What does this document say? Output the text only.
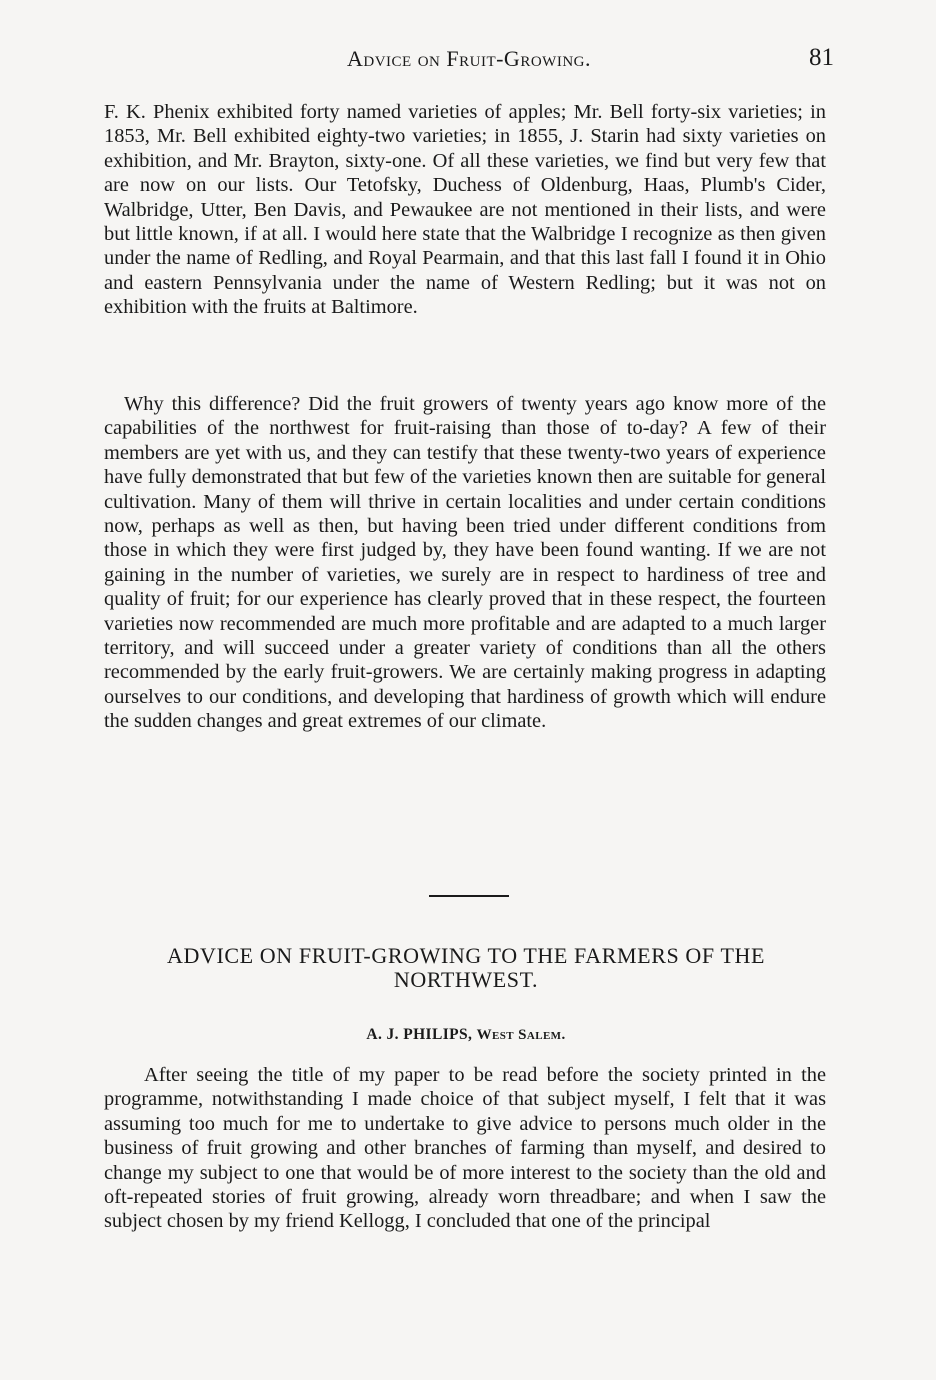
Advice on Fruit-Growing.	81

F. K. Phenix exhibited forty named varieties of apples; Mr. Bell forty-six varieties; in 1853, Mr. Bell exhibited eighty-two varieties; in 1855, J. Starin had sixty varieties on exhibition, and Mr. Brayton, sixty-one. Of all these varieties, we find but very few that are now on our lists. Our Tetofsky, Duchess of Oldenburg, Haas, Plumb's Cider, Walbridge, Utter, Ben Davis, and Pewaukee are not mentioned in their lists, and were but little known, if at all. I would here state that the Walbridge I recognize as then given under the name of Redling, and Royal Pearmain, and that this last fall I found it in Ohio and eastern Pennsylvania under the name of Western Redling; but it was not on exhibition with the fruits at Baltimore.

Why this difference? Did the fruit growers of twenty years ago know more of the capabilities of the northwest for fruit-raising than those of to-day? A few of their members are yet with us, and they can testify that these twenty-two years of experience have fully demonstrated that but few of the varieties known then are suitable for general cultivation. Many of them will thrive in certain localities and under certain conditions now, perhaps as well as then, but having been tried under different conditions from those in which they were first judged by, they have been found wanting. If we are not gaining in the number of varieties, we surely are in respect to hardiness of tree and quality of fruit; for our experience has clearly proved that in these respect, the fourteen varieties now recommended are much more profitable and are adapted to a much larger territory, and will succeed under a greater variety of conditions than all the others recommended by the early fruit-growers. We are certainly making progress in adapting ourselves to our conditions, and developing that hardiness of growth which will endure the sudden changes and great extremes of our climate.

ADVICE ON FRUIT-GROWING TO THE FARMERS OF THE NORTHWEST.
A. J. PHILIPS, West Salem.

After seeing the title of my paper to be read before the society printed in the programme, notwithstanding I made choice of that subject myself, I felt that it was assuming too much for me to undertake to give advice to persons much older in the business of fruit growing and other branches of farming than myself, and desired to change my subject to one that would be of more interest to the society than the old and oft-repeated stories of fruit growing, already worn threadbare; and when I saw the subject chosen by my friend Kellogg, I concluded that one of the principal
